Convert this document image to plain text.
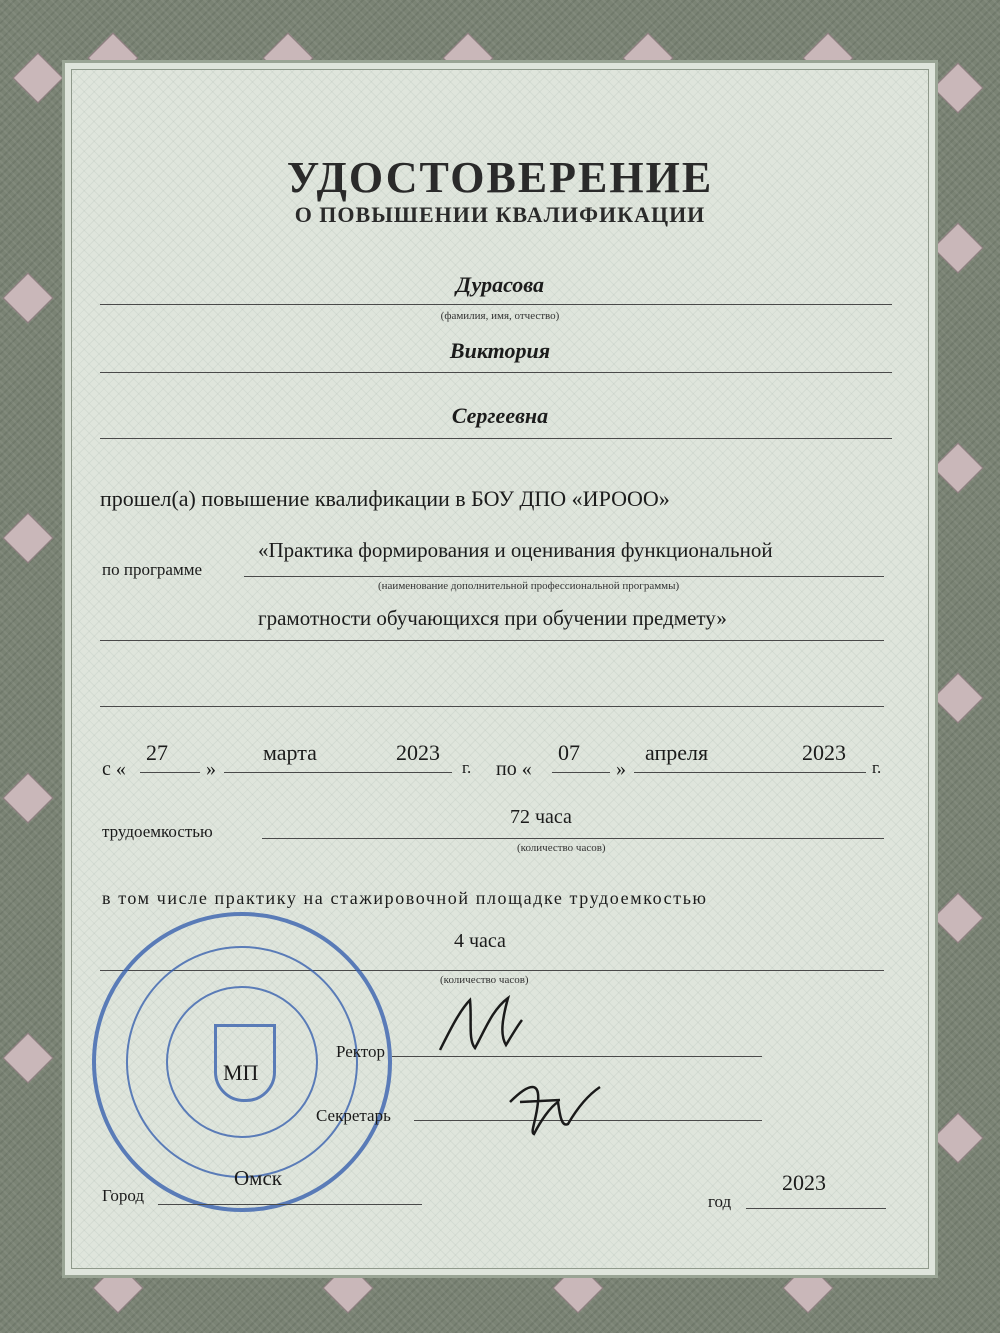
УДОСТОВЕРЕНИЕ
О ПОВЫШЕНИИ КВАЛИФИКАЦИИ
Дурасова
(фамилия, имя, отчество)
Виктория
Сергеевна
прошел(а) повышение квалификации в БОУ ДПО «ИРООО»
по программе
«Практика формирования и оценивания функциональной
(наименование дополнительной профессиональной программы)
грамотности обучающихся при обучении предмету»
с «
27
»
марта	2023
г. по «
07
»
апреля	2023
г.
трудоемкостью
72 часа
(количество часов)
в том числе практику на стажировочной площадке трудоемкостью
4 часа
(количество часов)
Ректор
МП
Секретарь
Город
Омск
год
2023
